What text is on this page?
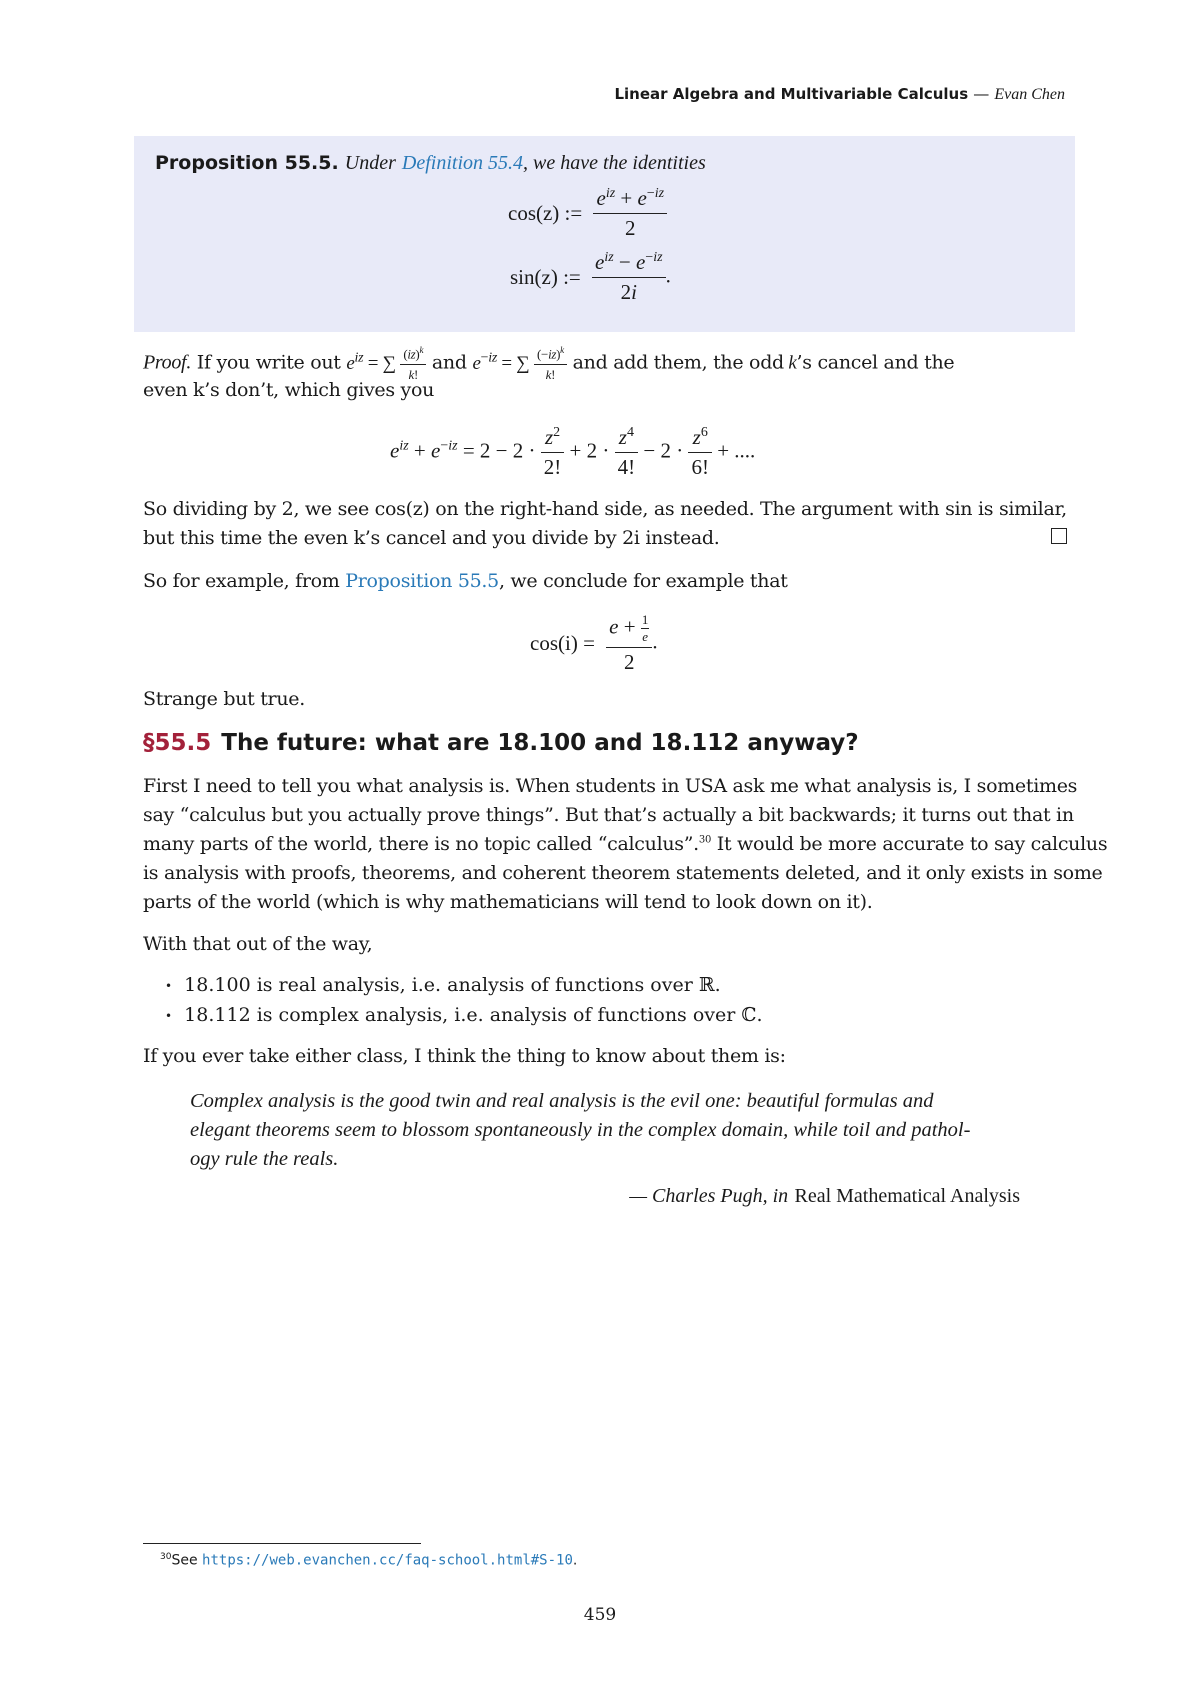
Linear Algebra and Multivariable Calculus — Evan Chen
Proposition 55.5. Under Definition 55.4, we have the identities
cos(z) := $\frac{e^{iz} + e^{-iz}}{2}$
sin(z) := $\frac{e^{iz} - e^{-iz}}{2i}$ .
Proof. If you write out $e^{iz}$ = ∑ $\frac{(iz)^k}{k!}$ and $e^{-iz}$ = ∑ $\frac{(-iz)^k}{k!}$ and add them, the odd k’s cancel and the
even k’s don’t, which gives you
$e^{iz} + e^{-iz} = 2 - 2 \cdot \frac{z^2}{2!} + 2 \cdot \frac{z^4}{4!} - 2 \cdot \frac{z^6}{6!}$ + ....
So dividing by 2, we see cos(z) on the right-hand side, as needed. The argument with sin is similar,
but this time the even k’s cancel and you divide by 2i instead.
So for example, from Proposition 55.5, we conclude for example that
$\cos(i) = \frac{e + \frac{1}{e}}{2}$ .
Strange but true.
§55.5 The future: what are 18.100 and 18.112 anyway?
First I need to tell you what analysis is. When students in USA ask me what analysis is, I sometimes
say “calculus but you actually prove things”. But that’s actually a bit backwards; it turns out that in
many parts of the world, there is no topic called “calculus”.$^{30}$ It would be more accurate to say calculus
is analysis with proofs, theorems, and coherent theorem statements deleted, and it only exists in some
parts of the world (which is why mathematicians will tend to look down on it).
With that out of the way,
• 18.100 is real analysis, i.e. analysis of functions over ℝ.
• 18.112 is complex analysis, i.e. analysis of functions over ℂ.
If you ever take either class, I think the thing to know about them is:
Complex analysis is the good twin and real analysis is the evil one: beautiful formulas and
elegant theorems seem to blossom spontaneously in the complex domain, while toil and pathol-
ogy rule the reals.
— Charles Pugh, in Real Mathematical Analysis
$^{30}$See https://web.evanchen.cc/faq-school.html#S-10.
459
